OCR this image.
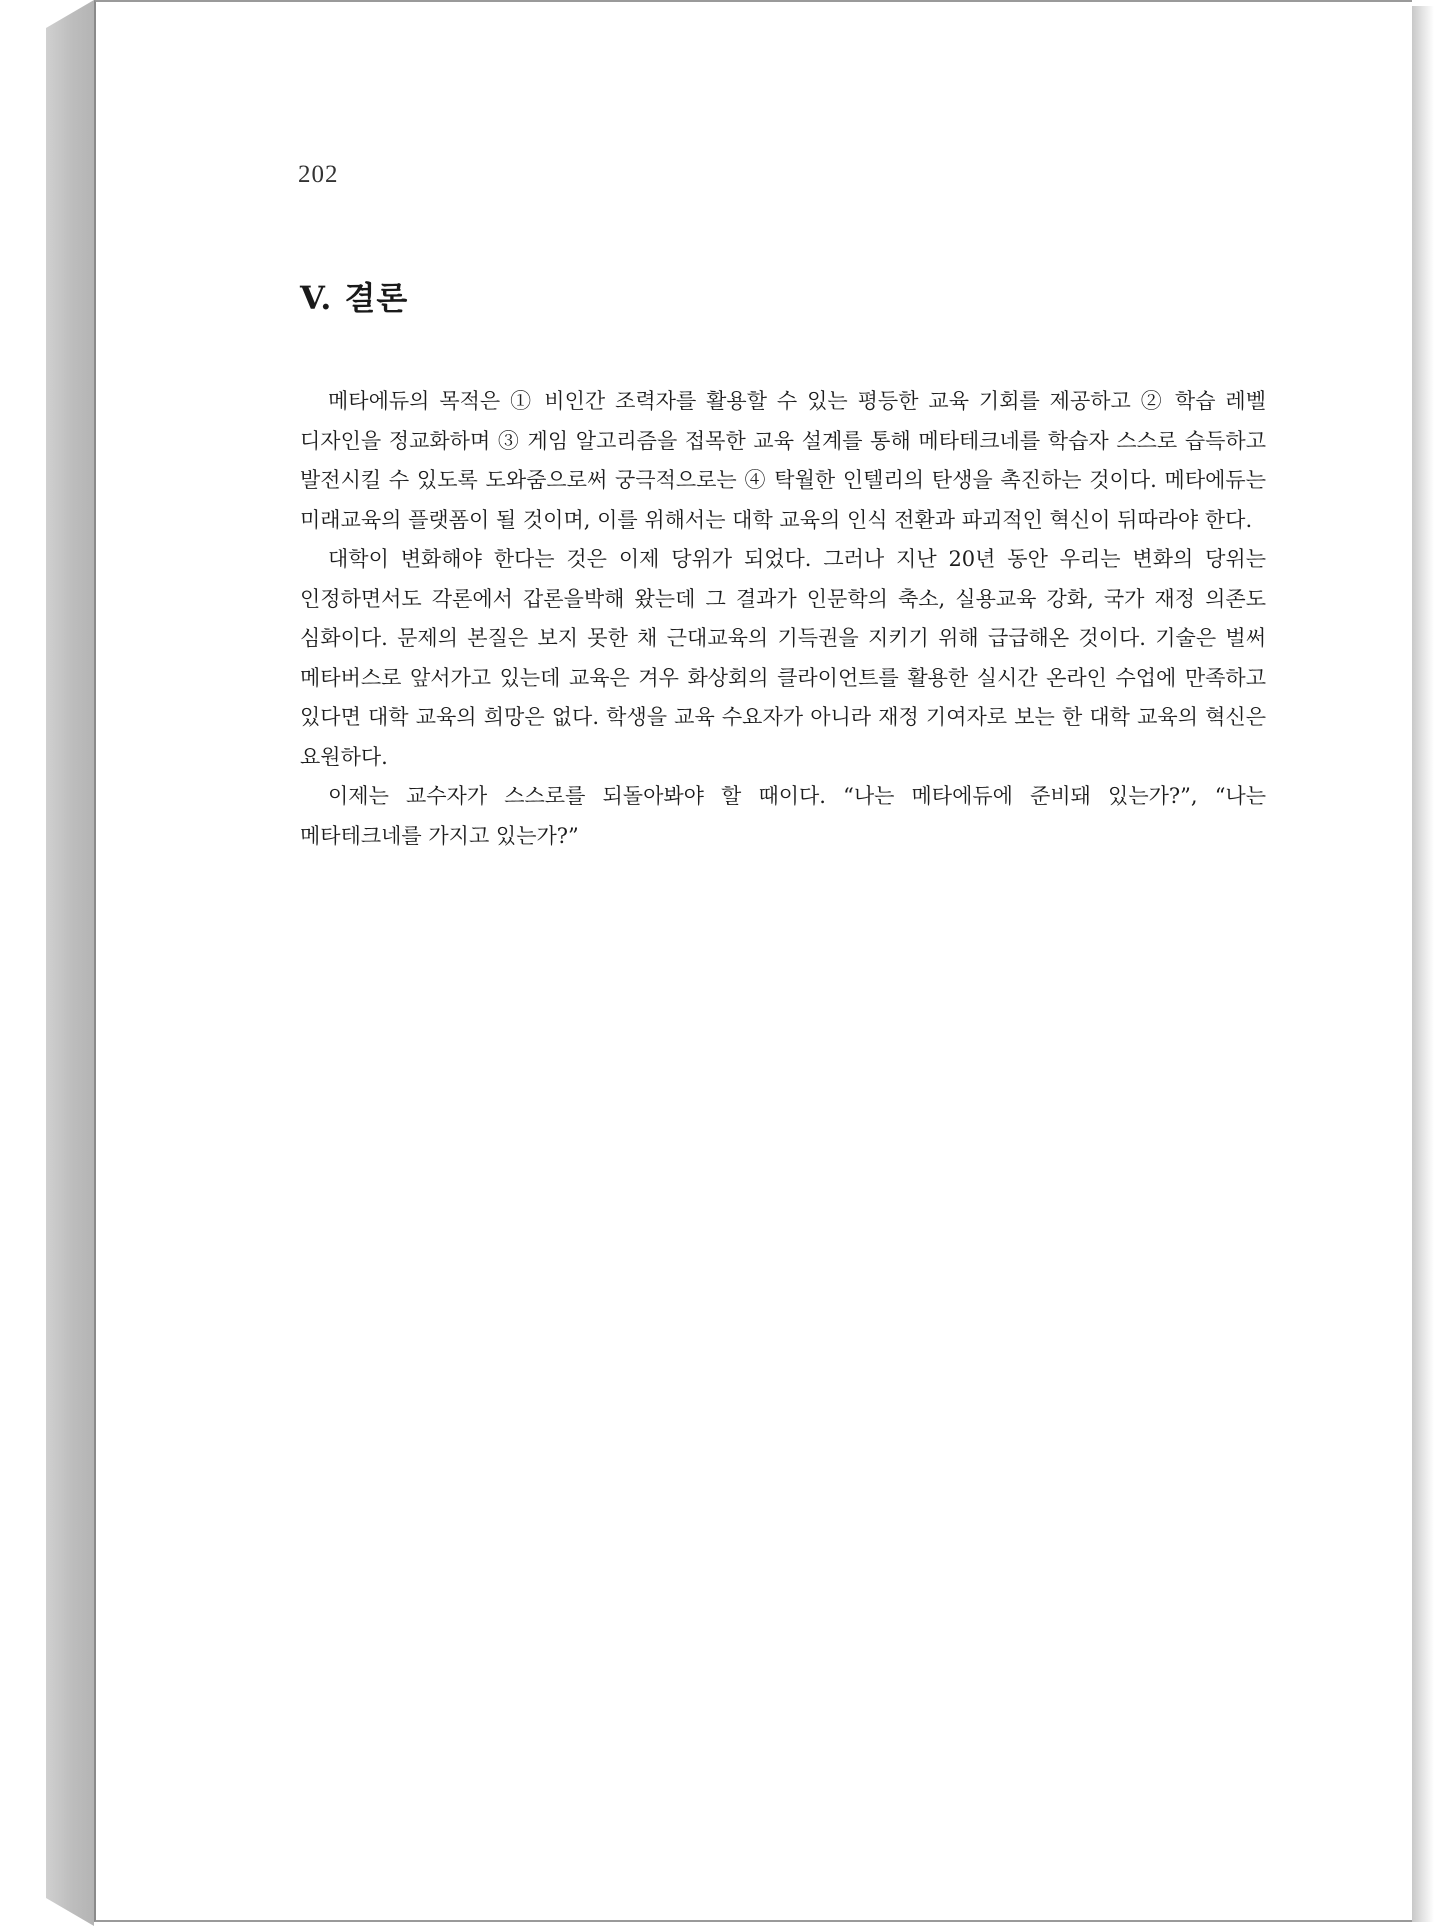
202
V. 결론

메타에듀의 목적은 ① 비인간 조력자를 활용할 수 있는 평등한 교육 기회를 제공하고 ② 학습 레벨 디자인을 정교화하며 ③ 게임 알고리즘을 접목한 교육 설계를 통해 메타테크네를 학습자 스스로 습득하고 발전시킬 수 있도록 도와줌으로써 궁극적으로는 ④ 탁월한 인텔리의 탄생을 촉진하는 것이다. 메타에듀는 미래교육의 플랫폼이 될 것이며, 이를 위해서는 대학 교육의 인식 전환과 파괴적인 혁신이 뒤따라야 한다.

대학이 변화해야 한다는 것은 이제 당위가 되었다. 그러나 지난 20년 동안 우리는 변화의 당위는 인정하면서도 각론에서 갑론을박해 왔는데 그 결과가 인문학의 축소, 실용교육 강화, 국가 재정 의존도 심화이다. 문제의 본질은 보지 못한 채 근대교육의 기득권을 지키기 위해 급급해온 것이다. 기술은 벌써 메타버스로 앞서가고 있는데 교육은 겨우 화상회의 클라이언트를 활용한 실시간 온라인 수업에 만족하고 있다면 대학 교육의 희망은 없다. 학생을 교육 수요자가 아니라 재정 기여자로 보는 한 대학 교육의 혁신은 요원하다.

이제는 교수자가 스스로를 되돌아봐야 할 때이다. “나는 메타에듀에 준비돼 있는가?”, “나는 메타테크네를 가지고 있는가?”
